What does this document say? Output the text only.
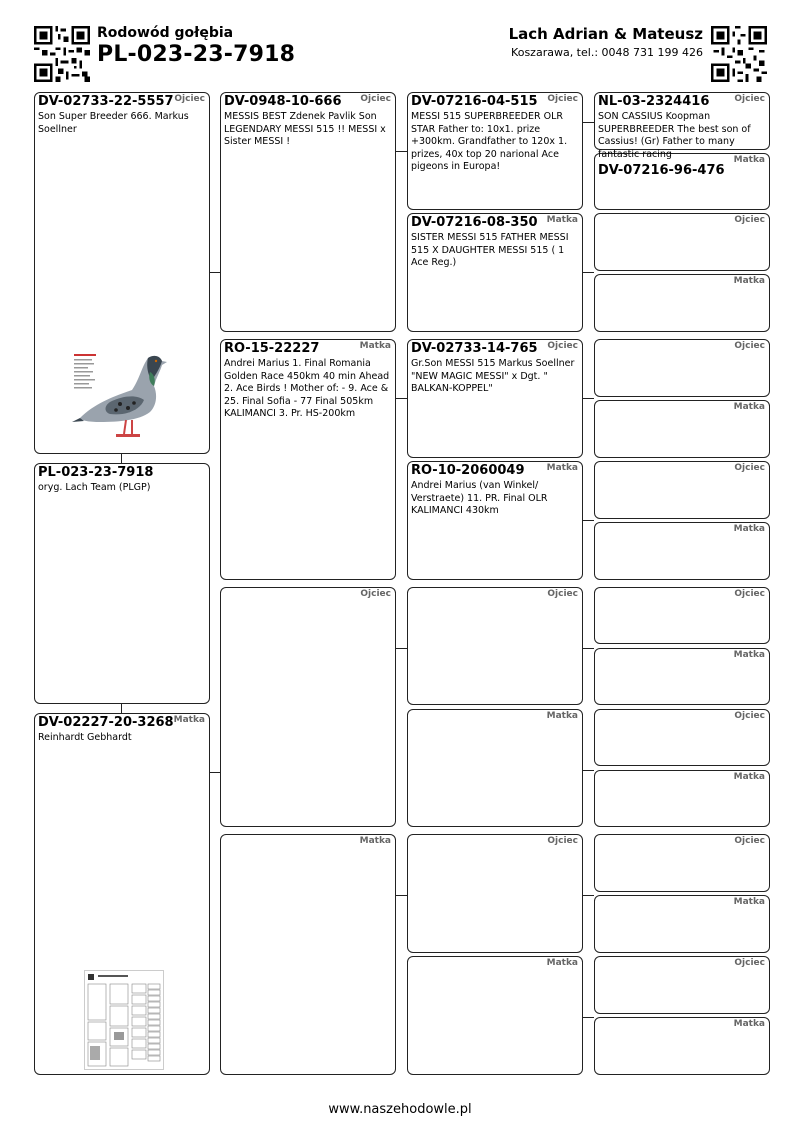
Rodowód gołębia
PL-023-23-7918
Lach Adrian & Mateusz
Koszarawa, tel.: 0048 731 199 426
DV-02733-22-5557 Ojciec
Son Super Breeder 666. Markus Soellner
PL-023-23-7918
oryg. Lach Team (PLGP)
DV-02227-20-3268 Matka
Reinhardt Gebhardt
DV-0948-10-666 Ojciec
MESSIS BEST Zdenek Pavlik Son LEGENDARY MESSI 515 !! MESSI x Sister MESSI !
RO-15-22227	Matka
Andrei Marius 1. Final Romania Golden Race 450km 40 min Ahead 2. Ace Birds ! Mother of: - 9. Ace & 25. Final Sofia - 77 Final 505km KALIMANCI 3. Pr. HS-200km
Ojciec
Matka
DV-07216-04-515 Ojciec
MESSI 515 SUPERBREEDER OLR STAR Father to: 10x1. prize +300km. Grandfather to 120x 1. prizes, 40x top 20 narional Ace pigeons in Europa!
DV-07216-08-350 Matka
SISTER MESSI 515 FATHER MESSI 515 X DAUGHTER MESSI 515 ( 1 Ace Reg.)
DV-02733-14-765 Ojciec
Gr.Son MESSI 515 Markus Soellner "NEW MAGIC MESSI" x Dgt. " BALKAN-KOPPEL"
RO-10-2060049 Matka
Andrei Marius (van Winkel/ Verstraete) 11. PR. Final OLR KALIMANCI 430km
Ojciec
Matka
Ojciec
Matka
NL-03-2324416	Ojciec
SON CASSIUS Koopman SUPERBREEDER The best son of Cassius! (Gr) Father to many fantastic racing
DV-07216-96-476
Matka
Ojciec
Matka
Ojciec
Matka
Ojciec
Matka
Ojciec
Matka
Ojciec
Matka
Ojciec
Matka
Ojciec
Matka
www.naszehodowle.pl
